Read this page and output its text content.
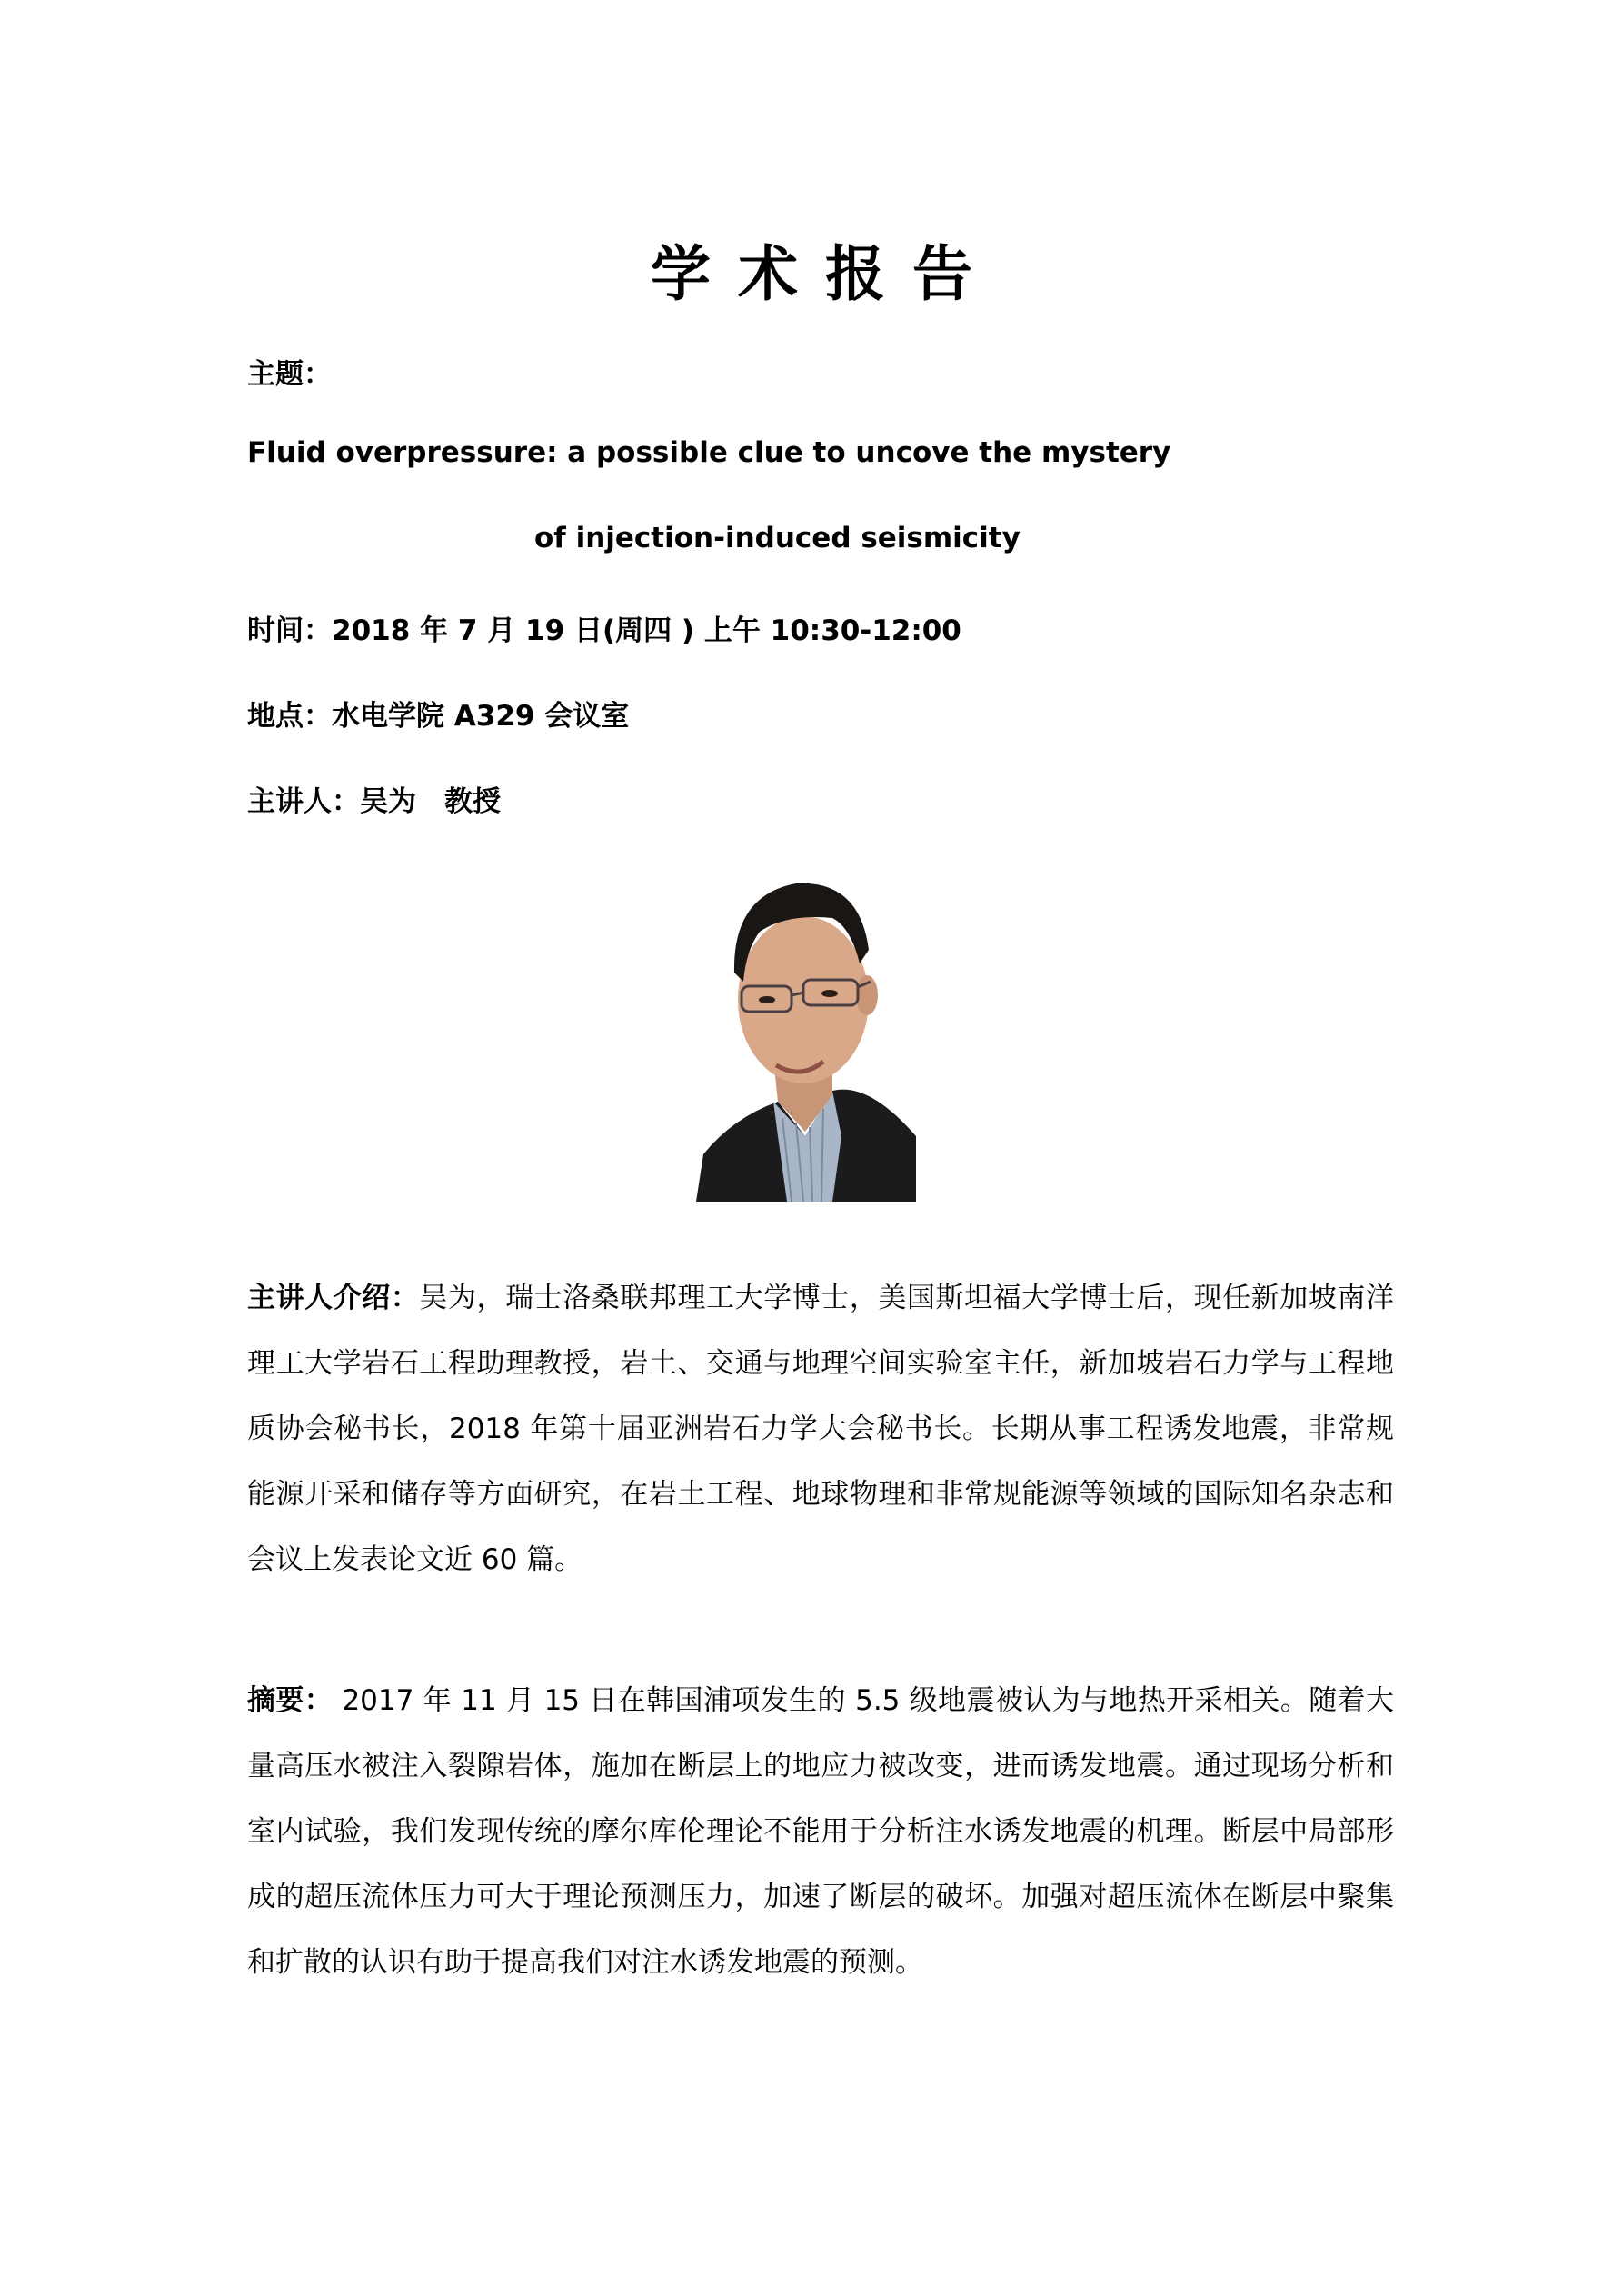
学术报告
主题：
Fluid overpressure: a possible clue to uncove the mystery
of injection-induced seismicity
时间：2018 年 7 月 19 日(周四 ) 上午 10:30-12:00
地点：水电学院 A329 会议室
主讲人：吴为　教授
主讲人介绍：吴为，瑞士洛桑联邦理工大学博士，美国斯坦福大学博士后，现任新加坡南洋理工大学岩石工程助理教授，岩土、交通与地理空间实验室主任，新加坡岩石力学与工程地质协会秘书长，2018 年第十届亚洲岩石力学大会秘书长。长期从事工程诱发地震，非常规能源开采和储存等方面研究，在岩土工程、地球物理和非常规能源等领域的国际知名杂志和会议上发表论文近 60 篇。
摘要： 2017 年 11 月 15 日在韩国浦项发生的 5.5 级地震被认为与地热开采相关。随着大量高压水被注入裂隙岩体，施加在断层上的地应力被改变，进而诱发地震。通过现场分析和室内试验，我们发现传统的摩尔库伦理论不能用于分析注水诱发地震的机理。断层中局部形成的超压流体压力可大于理论预测压力，加速了断层的破坏。加强对超压流体在断层中聚集和扩散的认识有助于提高我们对注水诱发地震的预测。
